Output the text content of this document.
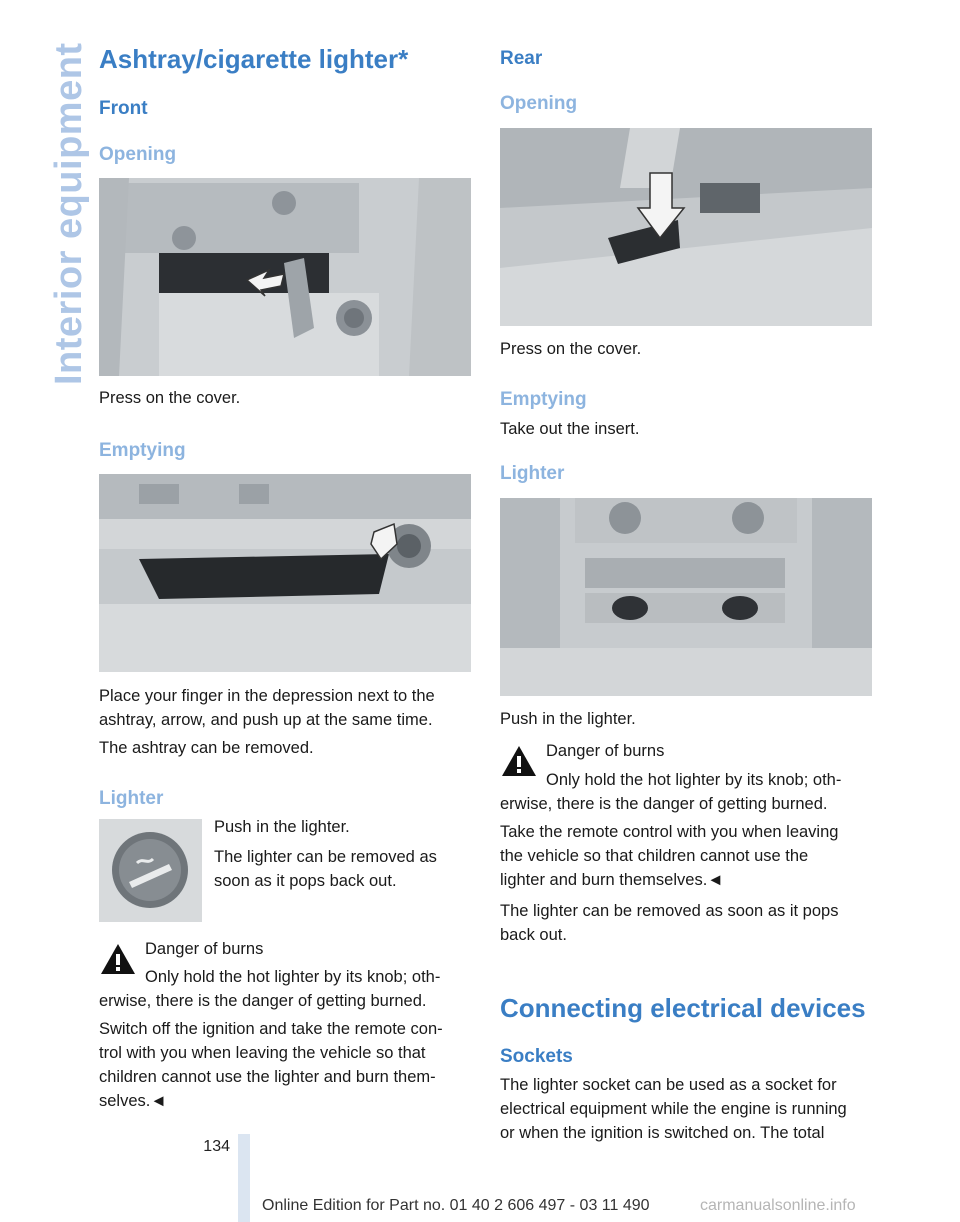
Interior equipment Ashtray/cigarette lighter*
Front
Opening
Press on the cover.
Emptying
Place your finger in the depression next to the
ashtray, arrow, and push up at the same time.
The ashtray can be removed.
Lighter
Push in the lighter.
The lighter can be removed as
soon as it pops back out.
Danger of burns
Only hold the hot lighter by its knob; oth-
erwise, there is the danger of getting burned.
Switch off the ignition and take the remote con-
trol with you when leaving the vehicle so that
children cannot use the lighter and burn them-
selves.◄
Rear
Opening
Press on the cover.
Emptying
Take out the insert.
Lighter
Push in the lighter.
Danger of burns
Only hold the hot lighter by its knob; oth-
erwise, there is the danger of getting burned.
Take the remote control with you when leaving
the vehicle so that children cannot use the
lighter and burn themselves.◄
The lighter can be removed as soon as it pops
back out.
Connecting electrical devices
Sockets
The lighter socket can be used as a socket for
electrical equipment while the engine is running
or when the ignition is switched on. The total
134
Online Edition for Part no. 01 40 2 606 497 - 03 11 490	carmanualsonline.info
